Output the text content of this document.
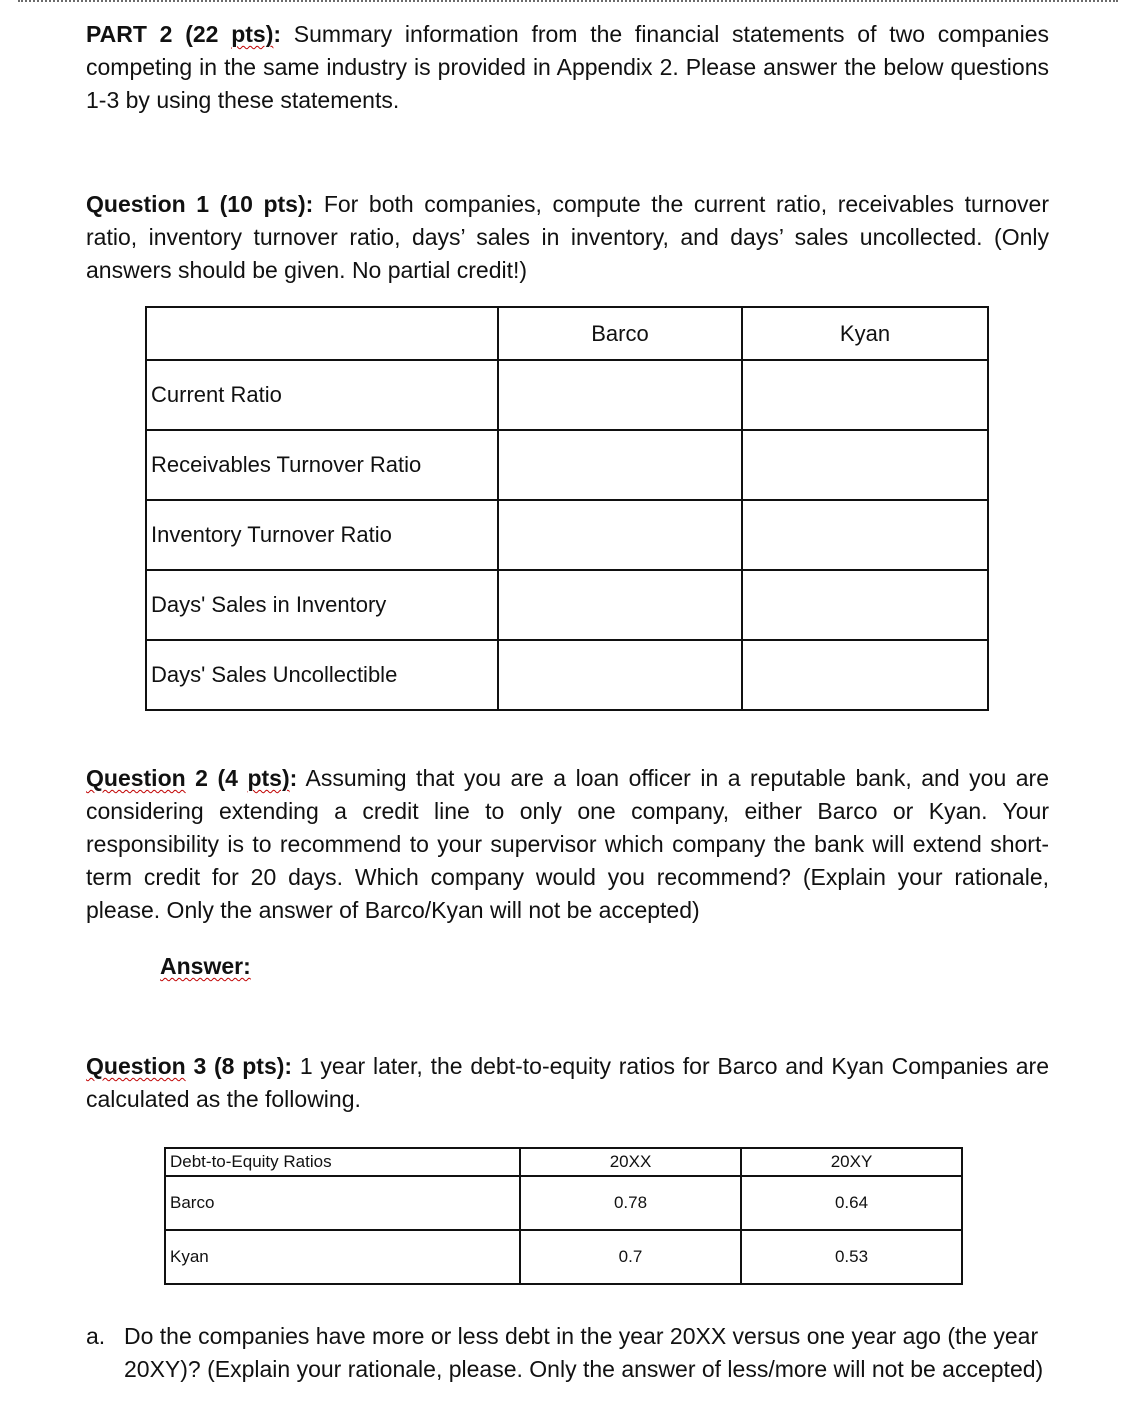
PART 2 (22 pts): Summary information from the financial statements of two companies competing in the same industry is provided in Appendix 2. Please answer the below questions 1-3 by using these statements.

Question 1 (10 pts): For both companies, compute the current ratio, receivables turnover ratio, inventory turnover ratio, days’ sales in inventory, and days’ sales uncollected. (Only answers should be given. No partial credit!)

	Barco	Kyan
Current Ratio		
Receivables Turnover Ratio		
Inventory Turnover Ratio		
Days' Sales in Inventory		
Days' Sales Uncollectible		

Question 2 (4 pts): Assuming that you are a loan officer in a reputable bank, and you are considering extending a credit line to only one company, either Barco or Kyan. Your responsibility is to recommend to your supervisor which company the bank will extend short-term credit for 20 days. Which company would you recommend? (Explain your rationale, please. Only the answer of Barco/Kyan will not be accepted)

Answer:

Question 3 (8 pts): 1 year later, the debt-to-equity ratios for Barco and Kyan Companies are calculated as the following.

Debt-to-Equity Ratios	20XX	20XY
Barco	0.78	0.64
Kyan	0.7	0.53
a. Do the companies have more or less debt in the year 20XX versus one year ago (the year 20XY)? (Explain your rationale, please. Only the answer of less/more will not be accepted)
